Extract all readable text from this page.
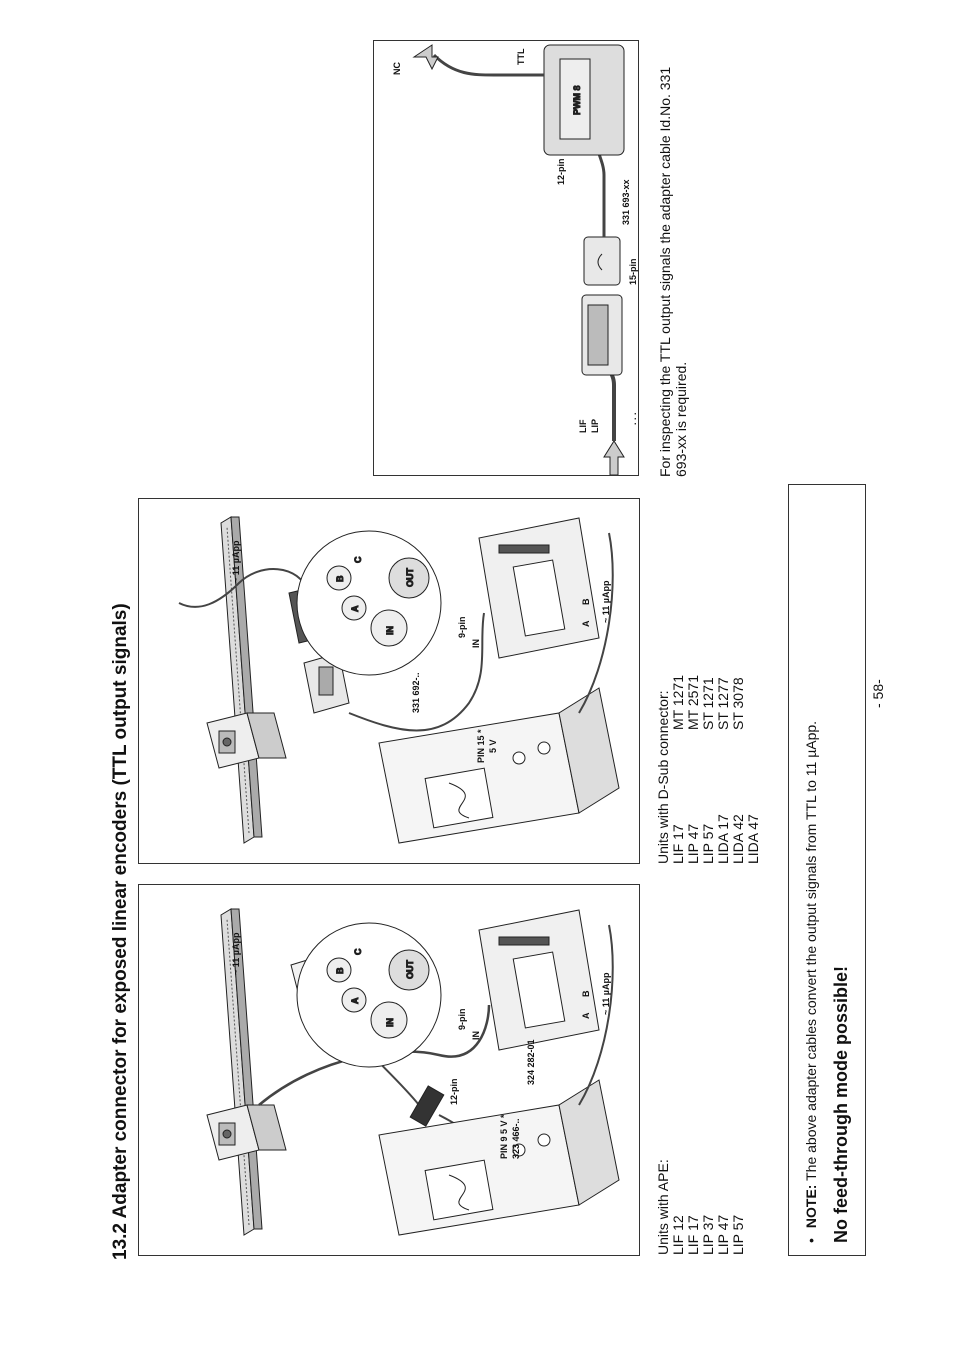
13.2 Adapter connector for exposed linear encoders (TTL output signals)	IN
A
B
C
OUT
PIN 9 5 V * 323 466-..
12-pin
324 282-01
9-pin
IN
A
B ~ 11 µApp
~ 11 µApp
IN
A
B
C
OUT
PIN 15 * 5 V
331 692-..
9-pin
IN
A
B ~ 11 µApp
~ 11 µApp
LIF LIP
. . .
15-pin
331 693-xx
PWM 8
12-pin
TTL
NC
Units with APE: LIF 12 LIF 17 LIP 37 LIP 47 LIP 57
Units with D-Sub connector: LIF 17 LIP 47 LIP 57 LIDA 17 LIDA 42 LIDA 47
MT 1271 MT 2571 ST 1271 ST 1277 ST 3078
For inspecting the TTL output signals the adapter cable Id.No. 331 693-xx is required.
•NOTE: The above adapter cables convert the output signals from TTL to 11 µApp. No feed-through mode possible!
- 58-
